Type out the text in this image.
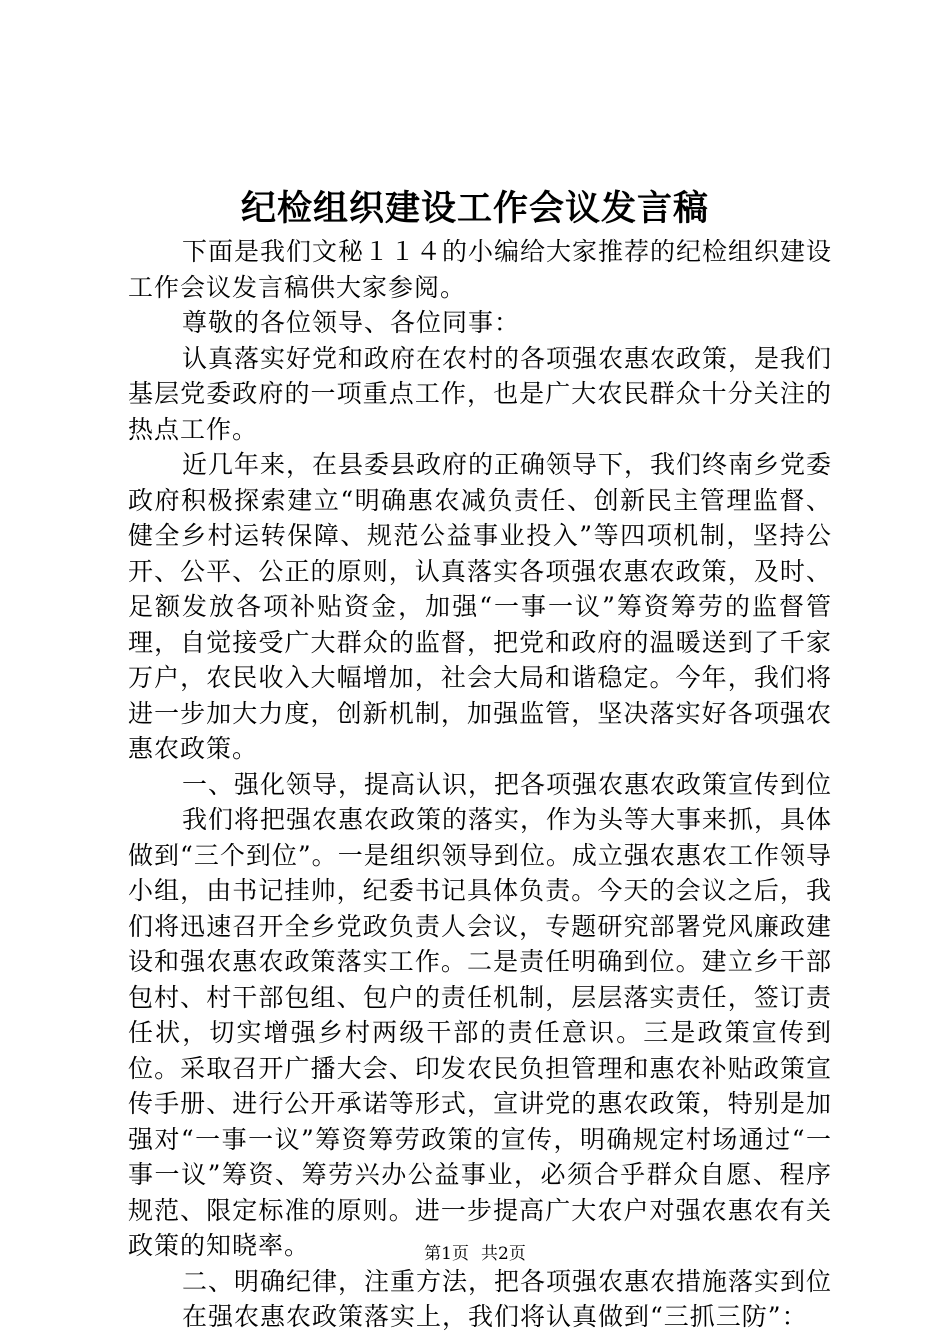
纪检组织建设工作会议发言稿

下面是我们文秘１１４的小编给大家推荐的纪检组织建设工作会议发言稿供大家参阅。

尊敬的各位领导、各位同事：

认真落实好党和政府在农村的各项强农惠农政策，是我们基层党委政府的一项重点工作，也是广大农民群众十分关注的热点工作。

近几年来，在县委县政府的正确领导下，我们终南乡党委政府积极探索建立“明确惠农减负责任、创新民主管理监督、健全乡村运转保障、规范公益事业投入”等四项机制，坚持公开、公平、公正的原则，认真落实各项强农惠农政策，及时、足额发放各项补贴资金，加强“一事一议”筹资筹劳的监督管理，自觉接受广大群众的监督，把党和政府的温暖送到了千家万户，农民收入大幅增加，社会大局和谐稳定。今年，我们将进一步加大力度，创新机制，加强监管，坚决落实好各项强农惠农政策。

一、强化领导，提高认识，把各项强农惠农政策宣传到位

我们将把强农惠农政策的落实，作为头等大事来抓，具体做到“三个到位”。一是组织领导到位。成立强农惠农工作领导小组，由书记挂帅，纪委书记具体负责。今天的会议之后，我们将迅速召开全乡党政负责人会议，专题研究部署党风廉政建设和强农惠农政策落实工作。二是责任明确到位。建立乡干部包村、村干部包组、包户的责任机制，层层落实责任，签订责任状，切实增强乡村两级干部的责任意识。三是政策宣传到位。采取召开广播大会、印发农民负担管理和惠农补贴政策宣传手册、进行公开承诺等形式，宣讲党的惠农政策，特别是加强对“一事一议”筹资筹劳政策的宣传，明确规定村场通过“一事一议”筹资、筹劳兴办公益事业，必须合乎群众自愿、程序规范、限定标准的原则。进一步提高广大农户对强农惠农有关政策的知晓率。

二、明确纪律，注重方法，把各项强农惠农措施落实到位

在强农惠农政策落实上，我们将认真做到“三抓三防”：

第1页 共2页
